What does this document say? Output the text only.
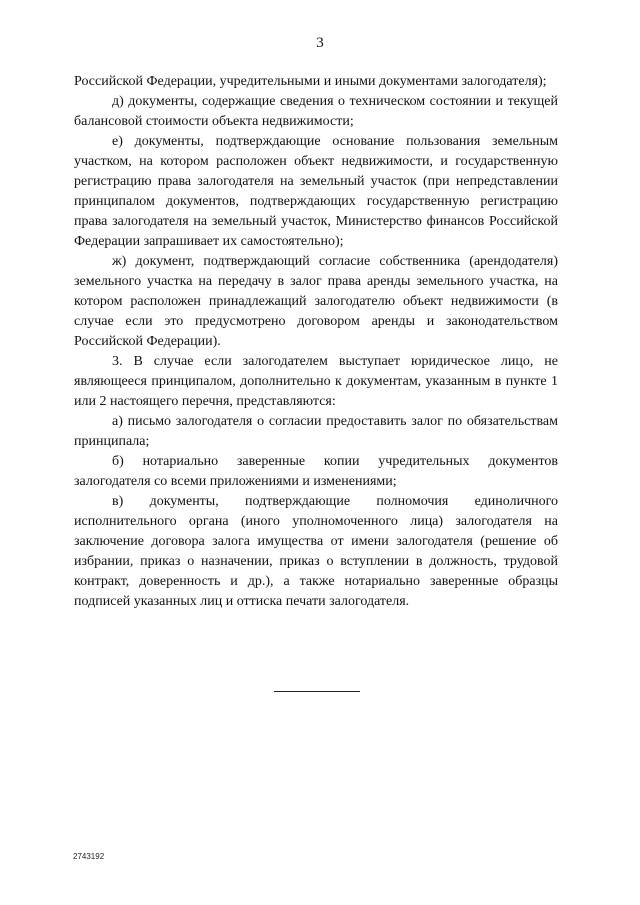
3

Российской Федерации, учредительными и иными документами залогодателя);

д) документы, содержащие сведения о техническом состоянии и текущей балансовой стоимости объекта недвижимости;

е) документы, подтверждающие основание пользования земельным участком, на котором расположен объект недвижимости, и государственную регистрацию права залогодателя на земельный участок (при непредставлении принципалом документов, подтверждающих государственную регистрацию права залогодателя на земельный участок, Министерство финансов Российской Федерации запрашивает их самостоятельно);

ж) документ, подтверждающий согласие собственника (арендодателя) земельного участка на передачу в залог права аренды земельного участка, на котором расположен принадлежащий залогодателю объект недвижимости (в случае если это предусмотрено договором аренды и законодательством Российской Федерации).

3. В случае если залогодателем выступает юридическое лицо, не являющееся принципалом, дополнительно к документам, указанным в пункте 1 или 2 настоящего перечня, представляются:

а) письмо залогодателя о согласии предоставить залог по обязательствам принципала;

б) нотариально заверенные копии учредительных документов залогодателя со всеми приложениями и изменениями;

в) документы, подтверждающие полномочия единоличного исполнительного органа (иного уполномоченного лица) залогодателя на заключение договора залога имущества от имени залогодателя (решение об избрании, приказ о назначении, приказ о вступлении в должность, трудовой контракт, доверенность и др.), а также нотариально заверенные образцы подписей указанных лиц и оттиска печати залогодателя.

2743192
